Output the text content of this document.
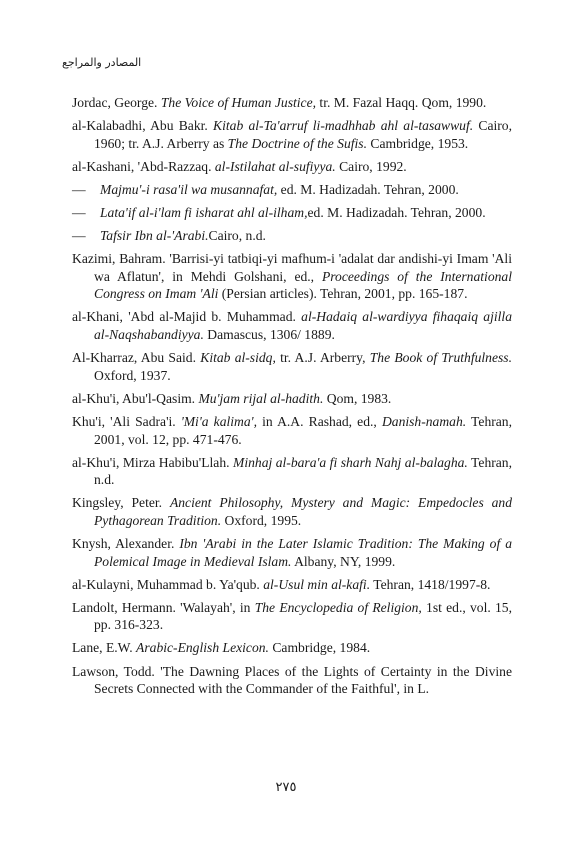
المصادر والمراجع

Jordac, George. The Voice of Human Justice, tr. M. Fazal Haqq. Qom, 1990.

al-Kalabadhi, Abu Bakr. Kitab al-Ta'arruf li-madhhab ahl al-tasawwuf. Cairo, 1960; tr. A.J. Arberry as The Doctrine of the Sufis. Cambridge, 1953.

al-Kashani, 'Abd-Razzaq. al-Istilahat al-sufiyya. Cairo, 1992.

— Majmu'-i rasa'il wa musannafat, ed. M. Hadizadah. Tehran, 2000.

— Lata'if al-i'lam fi isharat ahl al-ilham,ed. M. Hadizadah. Tehran, 2000.

— Tafsir Ibn al-'Arabi.Cairo, n.d.

Kazimi, Bahram. 'Barrisi-yi tatbiqi-yi mafhum-i 'adalat dar andishi-yi Imam 'Ali wa Aflatun', in Mehdi Golshani, ed., Proceedings of the International Congress on Imam 'Ali (Persian articles). Tehran, 2001, pp. 165-187.

al-Khani, 'Abd al-Majid b. Muhammad. al-Hadaiq al-wardiyya fihaqaiq ajilla al-Naqshabandiyya. Damascus, 1306/ 1889.

Al-Kharraz, Abu Said. Kitab al-sidq, tr. A.J. Arberry, The Book of Truthfulness. Oxford, 1937.

al-Khu'i, Abu'l-Qasim. Mu'jam rijal al-hadith. Qom, 1983.

Khu'i, 'Ali Sadra'i. 'Mi'a kalima', in A.A. Rashad, ed., Danish-namah. Tehran, 2001, vol. 12, pp. 471-476.

al-Khu'i, Mirza Habibu'Llah. Minhaj al-bara'a fi sharh Nahj al-balagha. Tehran, n.d.

Kingsley, Peter. Ancient Philosophy, Mystery and Magic: Empedocles and Pythagorean Tradition. Oxford, 1995.

Knysh, Alexander. Ibn 'Arabi in the Later Islamic Tradition: The Making of a Polemical Image in Medieval Islam. Albany, NY, 1999.

al-Kulayni, Muhammad b. Ya'qub. al-Usul min al-kafi. Tehran, 1418/1997-8.

Landolt, Hermann. 'Walayah', in The Encyclopedia of Religion, 1st ed., vol. 15, pp. 316-323.

Lane, E.W. Arabic-English Lexicon. Cambridge, 1984.

Lawson, Todd. 'The Dawning Places of the Lights of Certainty in the Divine Secrets Connected with the Commander of the Faithful', in L.

٢٧٥
